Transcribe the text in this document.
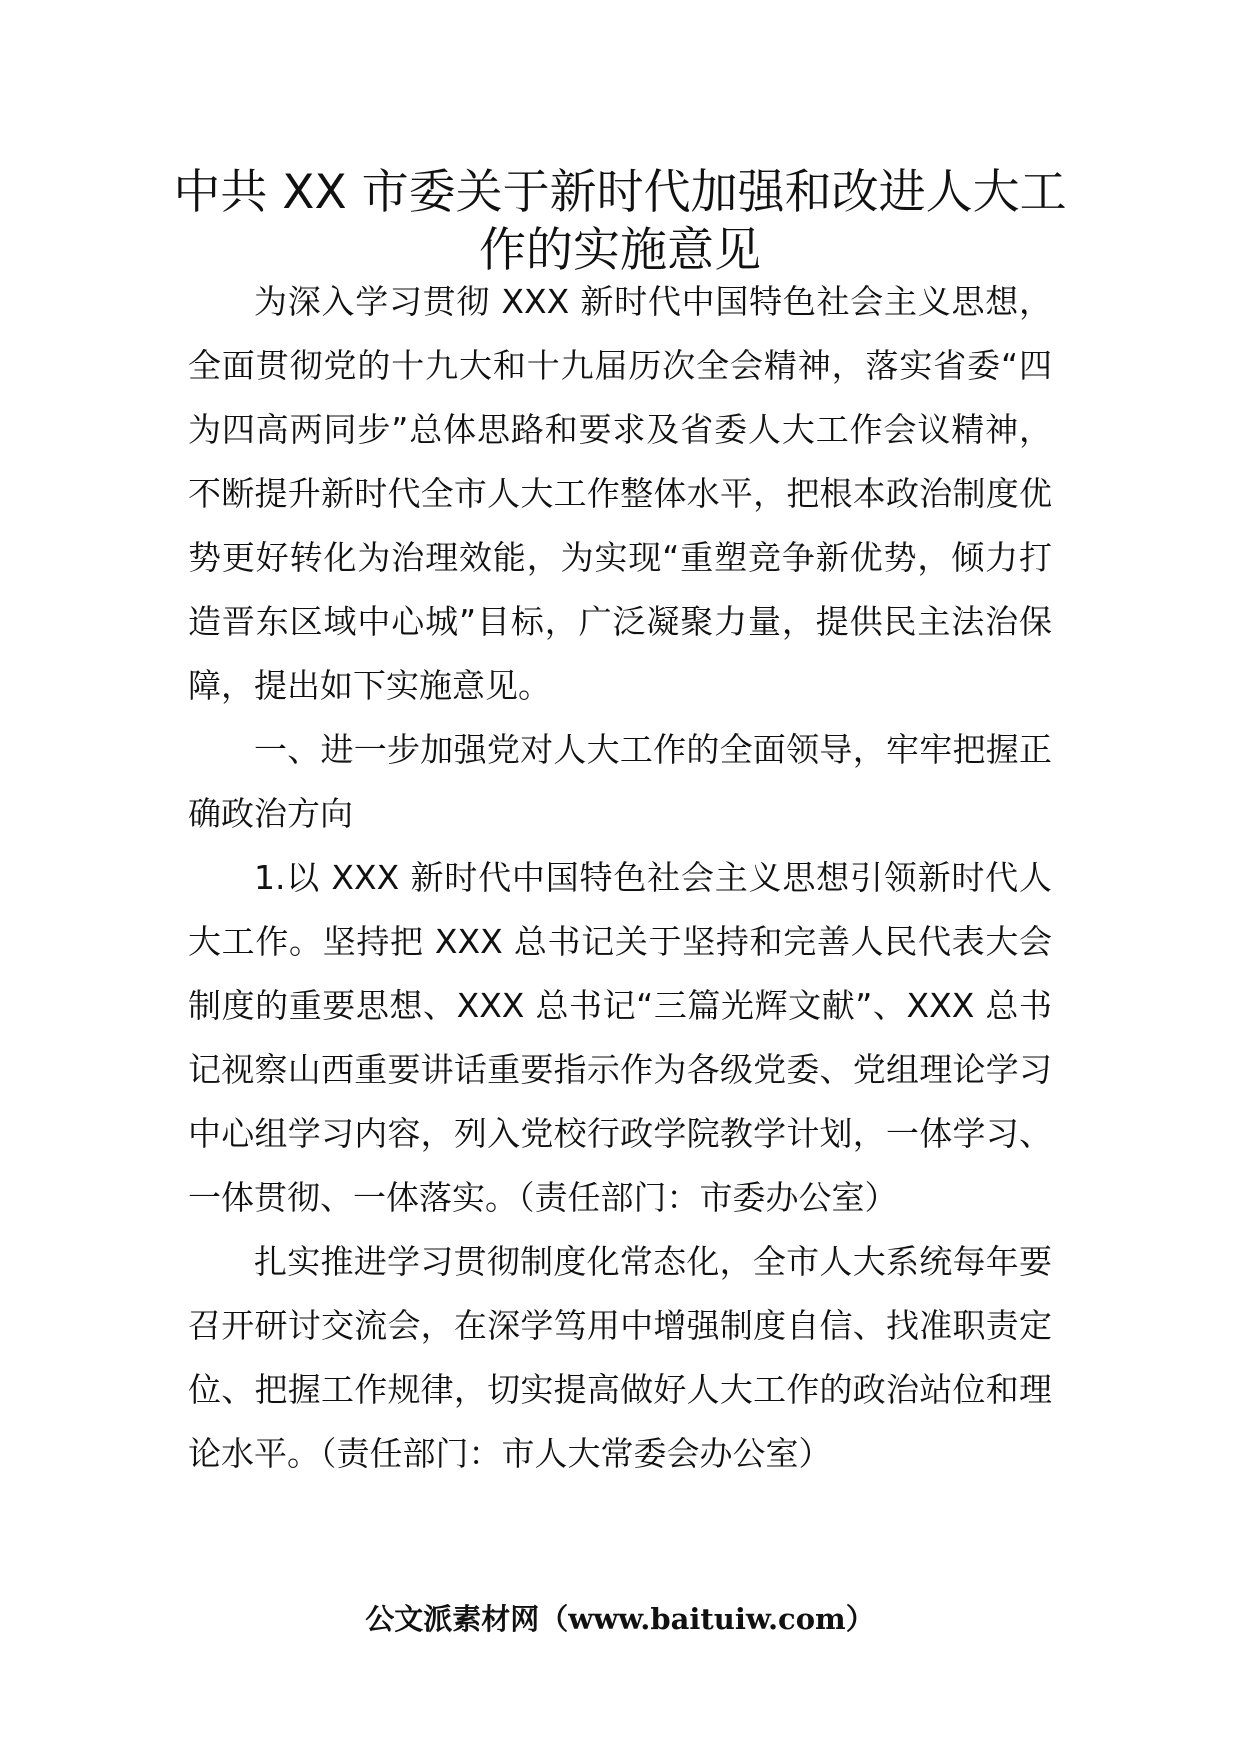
中共 XX 市委关于新时代加强和改进人大工
作的实施意见

为深入学习贯彻 XXX 新时代中国特色社会主义思想，全面贯彻党的十九大和十九届历次全会精神，落实省委“四为四高两同步”总体思路和要求及省委人大工作会议精神，不断提升新时代全市人大工作整体水平，把根本政治制度优势更好转化为治理效能，为实现“重塑竞争新优势，倾力打造晋东区域中心城”目标，广泛凝聚力量，提供民主法治保障，提出如下实施意见。

一、进一步加强党对人大工作的全面领导，牢牢把握正确政治方向

1.以 XXX 新时代中国特色社会主义思想引领新时代人大工作。坚持把 XXX 总书记关于坚持和完善人民代表大会制度的重要思想、XXX 总书记“三篇光辉文献”、XXX 总书记视察山西重要讲话重要指示作为各级党委、党组理论学习中心组学习内容，列入党校行政学院教学计划，一体学习、一体贯彻、一体落实。（责任部门：市委办公室）

扎实推进学习贯彻制度化常态化，全市人大系统每年要召开研讨交流会，在深学笃用中增强制度自信、找准职责定位、把握工作规律，切实提高做好人大工作的政治站位和理论水平。（责任部门：市人大常委会办公室）

公文派素材网（www.baituiw.com）
